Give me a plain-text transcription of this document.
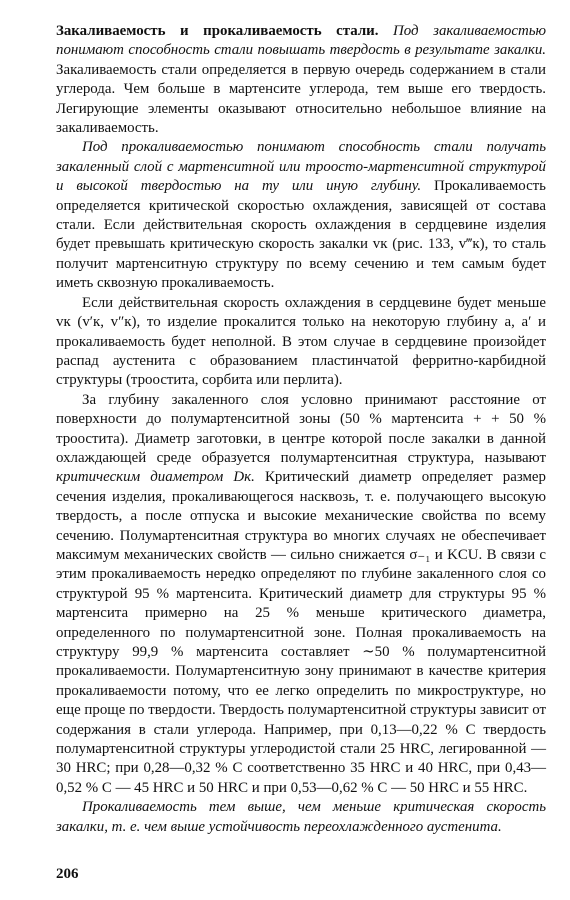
Закаливаемость и прокаливаемость стали. Под закаливаемостью понимают способность стали повышать твердость в результате закалки. Закаливаемость стали определяется в первую очередь содержанием в стали углерода. Чем больше в мартенсите углерода, тем выше его твердость. Легирующие элементы оказывают относительно небольшое влияние на закаливаемость.

Под прокаливаемостью понимают способность стали получать закаленный слой с мартенситной или троосто-мартенситной структурой и высокой твердостью на ту или иную глубину. Прокаливаемость определяется критической скоростью охлаждения, зависящей от состава стали. Если действительная скорость охлаждения в сердцевине изделия будет превышать критическую скорость закалки vк (рис. 133, v‴к), то сталь получит мартенситную структуру по всему сечению и тем самым будет иметь сквозную прокаливаемость.

Если действительная скорость охлаждения в сердцевине будет меньше vк (v′к, v″к), то изделие прокалится только на некоторую глубину a, a′ и прокаливаемость будет неполной. В этом случае в сердцевине произойдет распад аустенита с образованием пластинчатой ферритно-карбидной структуры (троостита, сорбита или перлита).

За глубину закаленного слоя условно принимают расстояние от поверхности до полумартенситной зоны (50 % мартенсита + + 50 % троостита). Диаметр заготовки, в центре которой после закалки в данной охлаждающей среде образуется полумартенситная структура, называют критическим диаметром Dк. Критический диаметр определяет размер сечения изделия, прокаливающегося насквозь, т. е. получающего высокую твердость, а после отпуска и высокие механические свойства по всему сечению. Полумартенситная структура во многих случаях не обеспечивает максимум механических свойств — сильно снижается σ₋₁ и KCU. В связи с этим прокаливаемость нередко определяют по глубине закаленного слоя со структурой 95 % мартенсита. Критический диаметр для структуры 95 % мартенсита примерно на 25 % меньше критического диаметра, определенного по полумартенситной зоне. Полная прокаливаемость на структуру 99,9 % мартенсита составляет ∼50 % полумартенситной прокаливаемости. Полумартенситную зону принимают в качестве критерия прокаливаемости потому, что ее легко определить по микроструктуре, но еще проще по твердости. Твердость полумартенситной структуры зависит от содержания в стали углерода. Например, при 0,13—0,22 % C твердость полумартенситной структуры углеродистой стали 25 HRC, легированной — 30 HRC; при 0,28—0,32 % C соответственно 35 HRC и 40 HRC, при 0,43—0,52 % C — 45 HRC и 50 HRC и при 0,53—0,62 % C — 50 HRC и 55 HRC.

Прокаливаемость тем выше, чем меньше критическая скорость закалки, т. е. чем выше устойчивость переохлажденного аустенита.

206
